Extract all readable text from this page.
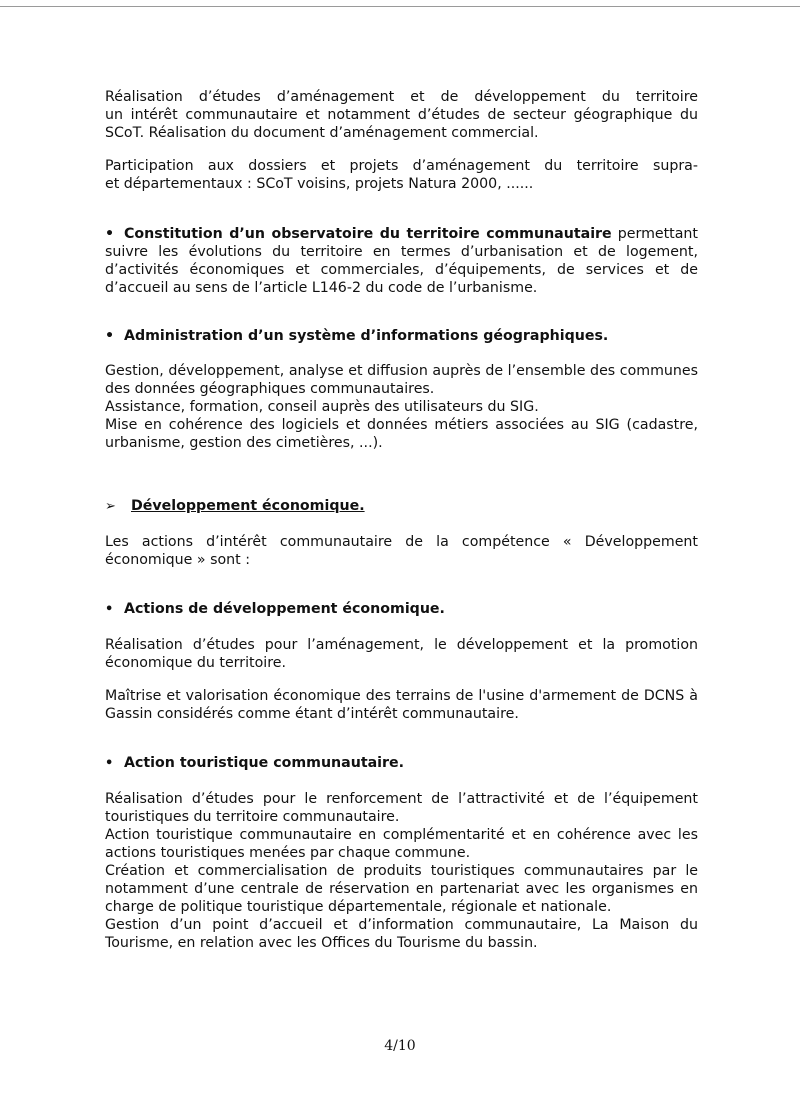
Réalisation d’études d’aménagement et de développement du territoire
un intérêt communautaire et notamment d’études de secteur géographique du
SCoT. Réalisation du document d’aménagement commercial.
Participation aux dossiers et projets d’aménagement du territoire supra-
et départementaux : SCoT voisins, projets Natura 2000, ......
• Constitution d’un observatoire du territoire communautaire permettant
suivre les évolutions du territoire en termes d’urbanisation et de logement,
d’activités économiques et commerciales, d’équipements, de services et de
d’accueil au sens de l’article L146-2 du code de l’urbanisme.
• Administration d’un système d’informations géographiques.
Gestion, développement, analyse et diffusion auprès de l’ensemble des communes
des données géographiques communautaires.
Assistance, formation, conseil auprès des utilisateurs du SIG.
Mise en cohérence des logiciels et données métiers associées au SIG (cadastre,
urbanisme, gestion des cimetières, ...).
➢ Développement économique.
Les actions d’intérêt communautaire de la compétence « Développement
économique » sont :
• Actions de développement économique.
Réalisation d’études pour l’aménagement, le développement et la promotion
économique du territoire.
Maîtrise et valorisation économique des terrains de l'usine d'armement de DCNS à
Gassin considérés comme étant d’intérêt communautaire.
• Action touristique communautaire.
Réalisation d’études pour le renforcement de l’attractivité et de l’équipement
touristiques du territoire communautaire.
Action touristique communautaire en complémentarité et en cohérence avec les
actions touristiques menées par chaque commune.
Création et commercialisation de produits touristiques communautaires par le
notamment d’une centrale de réservation en partenariat avec les organismes en
charge de politique touristique départementale, régionale et nationale.
Gestion d’un point d’accueil et d’information communautaire, La Maison du
Tourisme, en relation avec les Offices du Tourisme du bassin.
4/10
